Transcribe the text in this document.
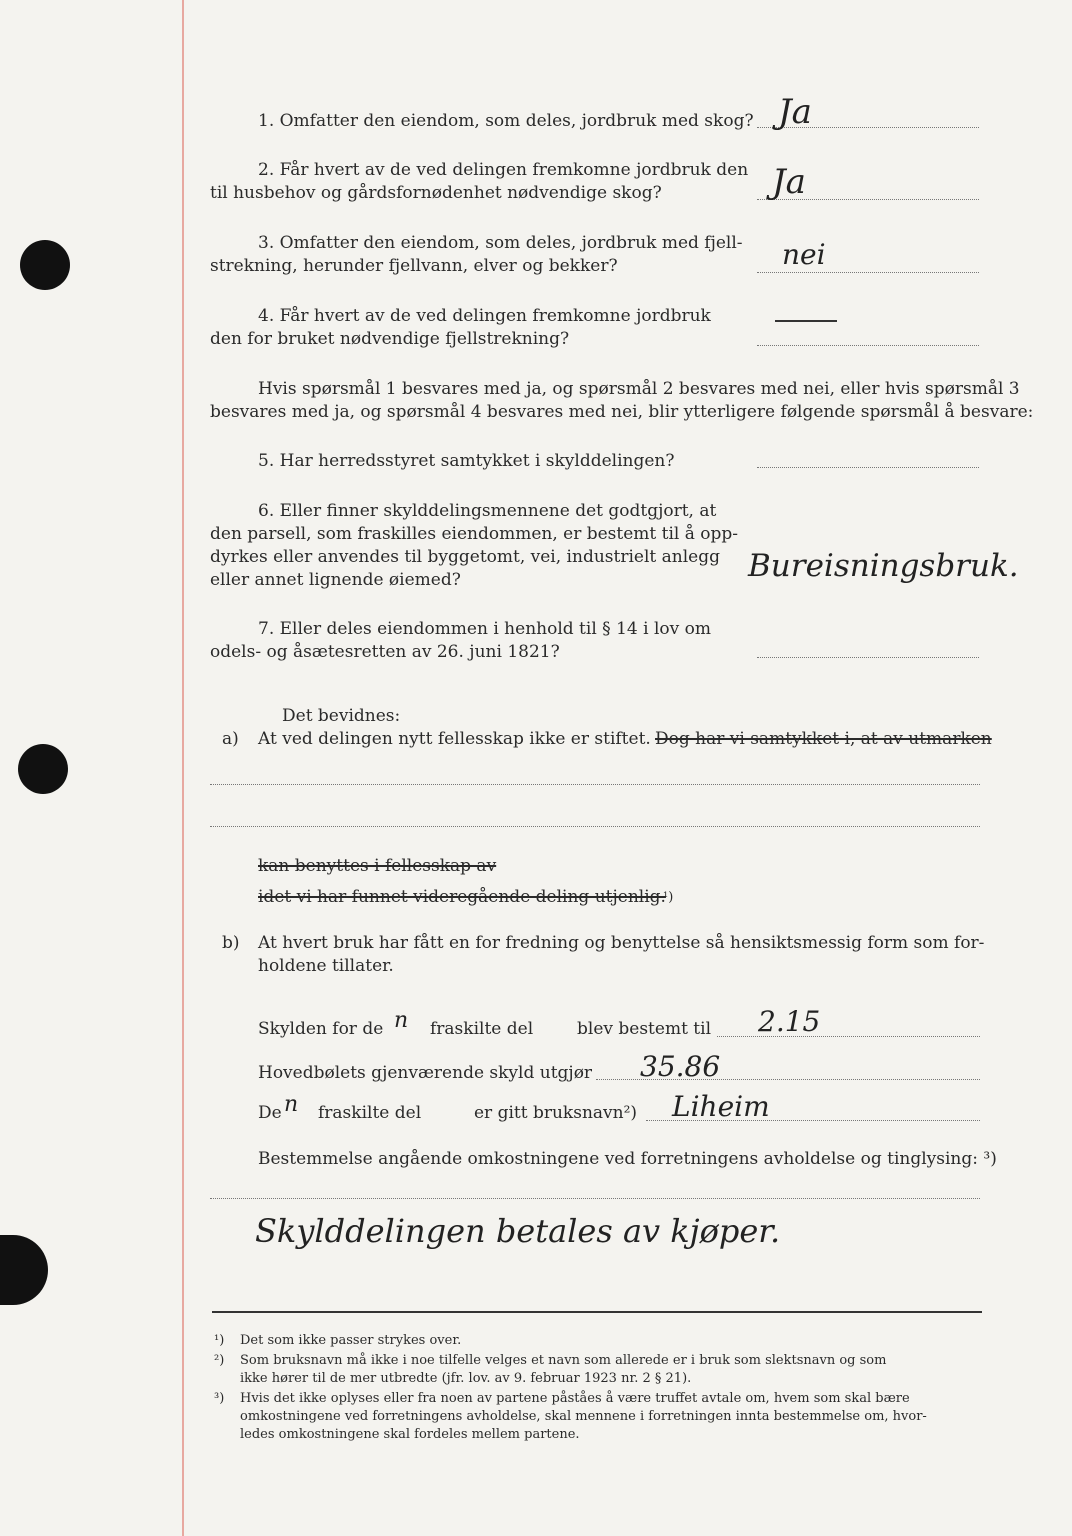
1. Omfatter den eiendom, som deles, jordbruk med skog? Ja
2. Får hvert av de ved delingen fremkomne jordbruk den
til husbehov og gårdsfornødenhet nødvendige skog?	Ja
3. Omfatter den eiendom, som deles, jordbruk med fjell-
strekning, herunder fjellvann, elver og bekker?	nei
4. Får hvert av de ved delingen fremkomne jordbruk
den for bruket nødvendige fjellstrekning?
Hvis spørsmål 1 besvares med ja, og spørsmål 2 besvares med nei, eller hvis spørsmål 3
besvares med ja, og spørsmål 4 besvares med nei, blir ytterligere følgende spørsmål å besvare:
5. Har herredsstyret samtykket i skylddelingen?
6. Eller finner skylddelingsmennene det godtgjort, at
den parsell, som fraskilles eiendommen, er bestemt til å opp-
dyrkes eller anvendes til byggetomt, vei, industrielt anlegg
eller annet lignende øiemed?	Bureisningsbruk.
7. Eller deles eiendommen i henhold til § 14 i lov om
odels- og åsætesretten av 26. juni 1821?
Det bevidnes:
a) At ved delingen nytt fellesskap ikke er stiftet. Dog har vi samtykket i, at av utmarken
kan benyttes i fellesskap av
idet vi har funnet videregående deling utjenlig.
¹)
b) At hvert bruk har fått en for fredning og benyttelse så hensiktsmessig form som for-
holdene tillater.
Skylden for de n fraskilte del	blev bestemt til 2.15
Hovedbølets gjenværende skyld utgjør 35.86
De n fraskilte del	er gitt bruksnavn²) Liheim
Bestemmelse angående omkostningene ved forretningens avholdelse og tinglysing: ³)
Skylddelingen betales av kjøper.
¹) Det som ikke passer strykes over.
²) Som bruksnavn må ikke i noe tilfelle velges et navn som allerede er i bruk som slektsnavn og som
ikke hører til de mer utbredte (jfr. lov. av 9. februar 1923 nr. 2 § 21).
³) Hvis det ikke oplyses eller fra noen av partene påståes å være truffet avtale om, hvem som skal bære
omkostningene ved forretningens avholdelse, skal mennene i forretningen innta bestemmelse om, hvor-
ledes omkostningene skal fordeles mellem partene.
